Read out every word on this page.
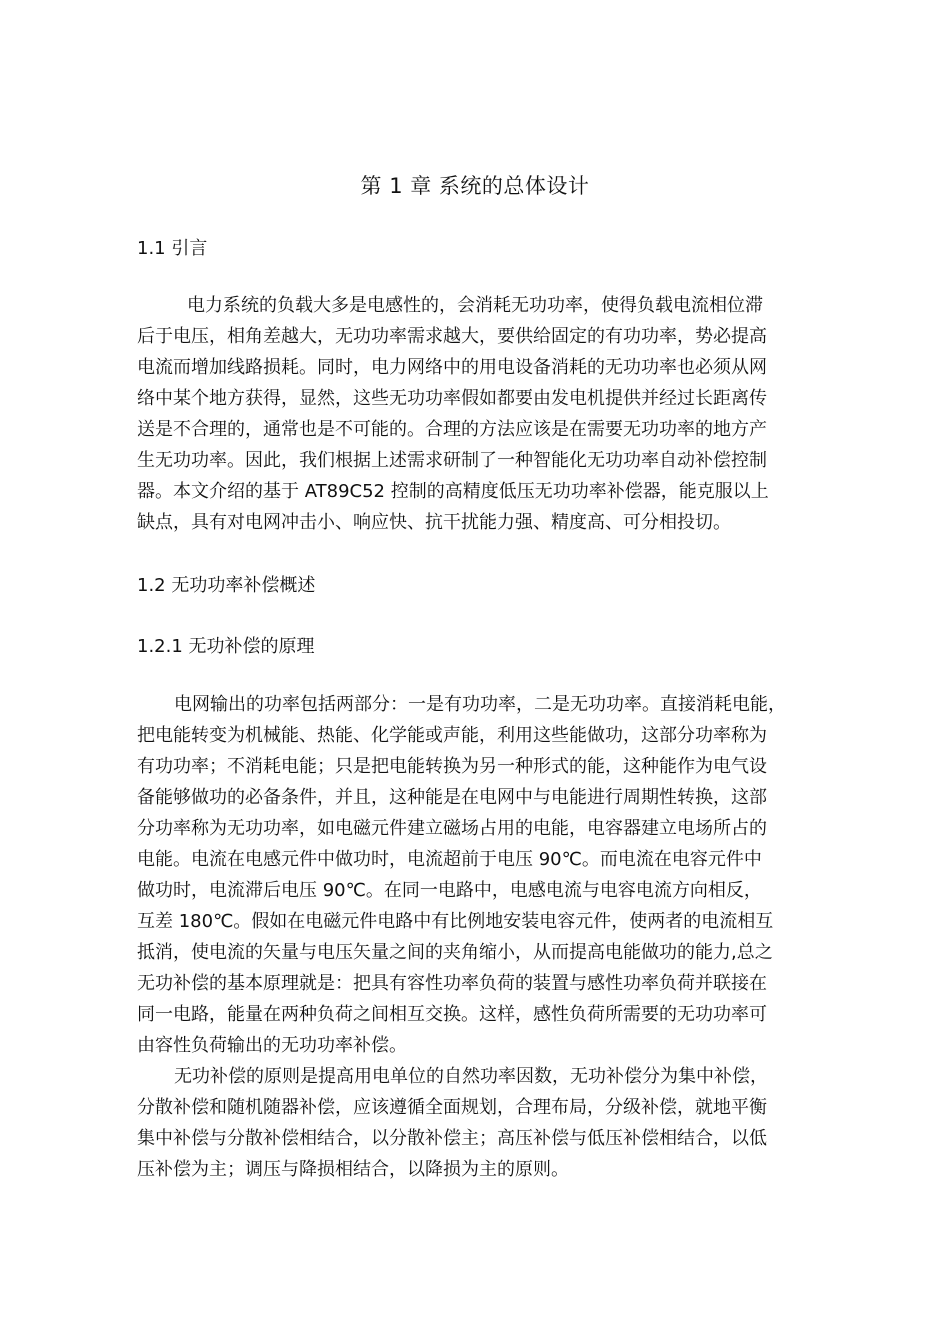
第 1 章 系统的总体设计
1.1 引言
电力系统的负载大多是电感性的，会消耗无功功率，使得负载电流相位滞
后于电压，相角差越大，无功功率需求越大，要供给固定的有功功率，势必提高
电流而增加线路损耗。同时，电力网络中的用电设备消耗的无功功率也必须从网
络中某个地方获得，显然，这些无功功率假如都要由发电机提供并经过长距离传
送是不合理的，通常也是不可能的。合理的方法应该是在需要无功功率的地方产
生无功功率。因此，我们根据上述需求研制了一种智能化无功功率自动补偿控制
器。本文介绍的基于 AT89C52 控制的高精度低压无功功率补偿器，能克服以上
缺点，具有对电网冲击小、响应快、抗干扰能力强、精度高、可分相投切。
1.2 无功功率补偿概述
1.2.1 无功补偿的原理
电网输出的功率包括两部分：一是有功功率，二是无功功率。直接消耗电能，
把电能转变为机械能、热能、化学能或声能，利用这些能做功，这部分功率称为
有功功率；不消耗电能；只是把电能转换为另一种形式的能，这种能作为电气设
备能够做功的必备条件，并且，这种能是在电网中与电能进行周期性转换，这部
分功率称为无功功率，如电磁元件建立磁场占用的电能，电容器建立电场所占的
电能。电流在电感元件中做功时，电流超前于电压 90℃。而电流在电容元件中
做功时，电流滞后电压 90℃。在同一电路中，电感电流与电容电流方向相反，
互差 180℃。假如在电磁元件电路中有比例地安装电容元件，使两者的电流相互
抵消，使电流的矢量与电压矢量之间的夹角缩小，从而提高电能做功的能力,总之
无功补偿的基本原理就是：把具有容性功率负荷的装置与感性功率负荷并联接在
同一电路，能量在两种负荷之间相互交换。这样，感性负荷所需要的无功功率可
由容性负荷输出的无功功率补偿。
无功补偿的原则是提高用电单位的自然功率因数，无功补偿分为集中补偿，
分散补偿和随机随器补偿，应该遵循全面规划，合理布局，分级补偿，就地平衡
集中补偿与分散补偿相结合，以分散补偿主；高压补偿与低压补偿相结合，以低
压补偿为主；调压与降损相结合，以降损为主的原则。
